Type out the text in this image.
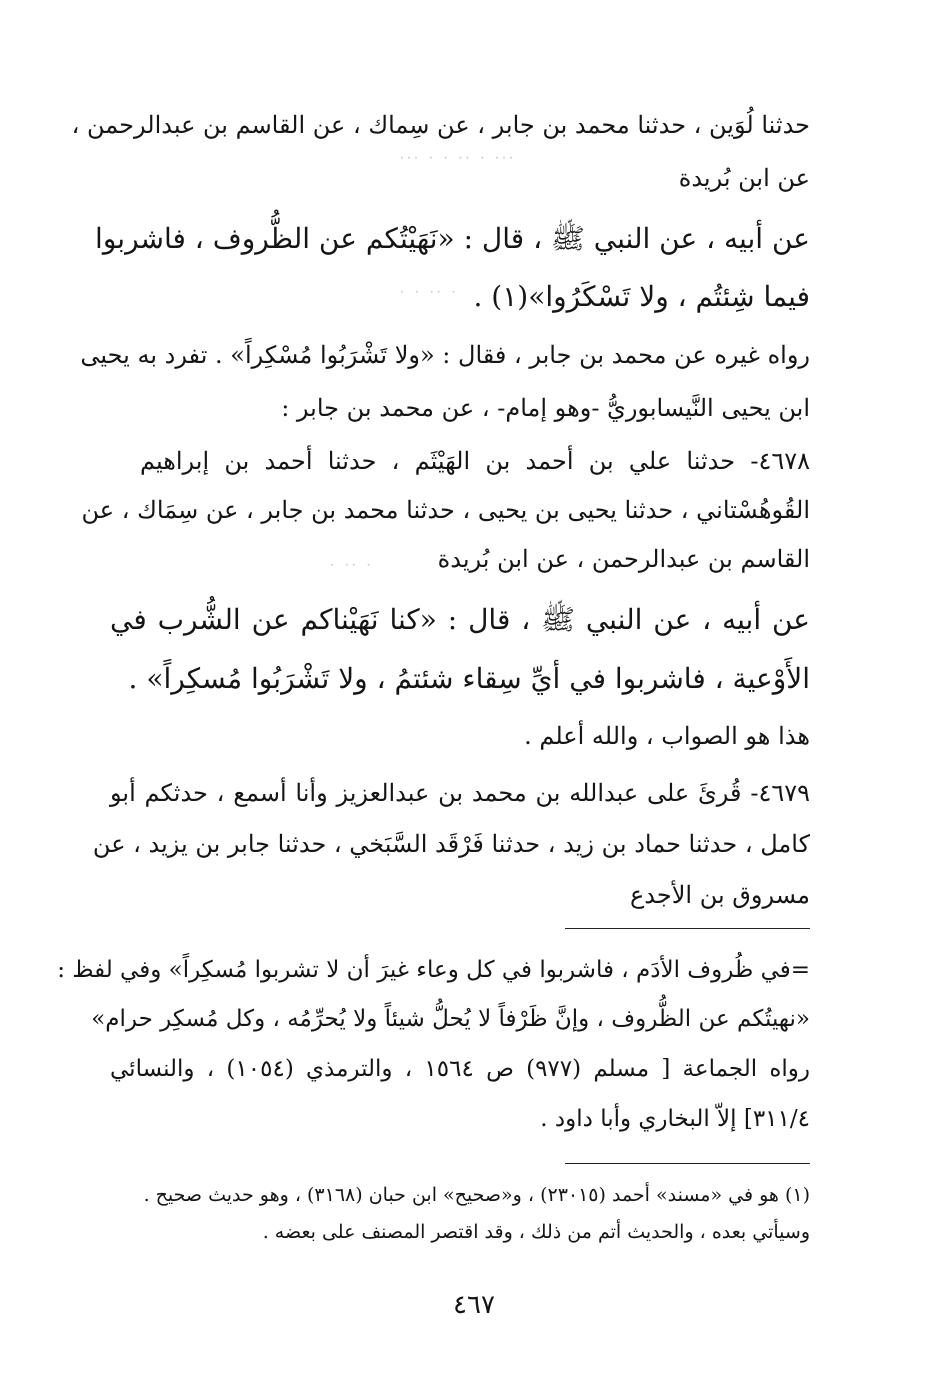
حدثنا لُوَين ، حدثنا محمد بن جابر ، عن سِماك ، عن القاسم بن عبدالرحمن ،
عن ابن بُريدة
⸱⸱⸱ ⸱ ⸱⸱ ⸱ ⸱ ⸱⸱⸱
عن أبيه ، عن النبي ﷺ ، قال : «نَهَيْتُكم عن الظُّروف ، فاشربوا
فيما شِئتُم ، ولا تَسْكَرُوا»(١) .
⸱ ⸱⸱ ⸱ ⸱
رواه غيره عن محمد بن جابر ، فقال : «ولا تَشْرَبُوا مُسْكِراً» . تفرد به يحيى
ابن يحيى النَّيسابوريُّ -وهو إمام- ، عن محمد بن جابر :
٤٦٧٨- حدثنا علي بن أحمد بن الهَيْثَم ، حدثنا أحمد بن إبراهيم
القُوهُسْتاني ، حدثنا يحيى بن يحيى ، حدثنا محمد بن جابر ، عن سِمَاك ، عن
القاسم بن عبدالرحمن ، عن ابن بُريدة
⸱ ⸱⸱ ⸱
عن أبيه ، عن النبي ﷺ ، قال : «كنا نَهَيْناكم عن الشُّرب في
الأَوْعية ، فاشربوا في أيِّ سِقاء شئتمُ ، ولا تَشْرَبُوا مُسكِراً» .
هذا هو الصواب ، والله أعلم .
٤٦٧٩- قُرئَ على عبدالله بن محمد بن عبدالعزيز وأنا أسمع ، حدثكم أبو
كامل ، حدثنا حماد بن زيد ، حدثنا فَرْقَد السَّبَخي ، حدثنا جابر بن يزيد ، عن
مسروق بن الأجدع
=في ظُروف الأدَم ، فاشربوا في كل وعاء غيرَ أن لا تشربوا مُسكِراً» وفي لفظ :
«نهيتُكم عن الظُّروف ، وإنَّ ظَرْفاً لا يُحلُّ شيئاً ولا يُحرِّمُه ، وكل مُسكِر حرام»
رواه الجماعة [ مسلم (٩٧٧) ص ١٥٦٤ ، والترمذي (١٠٥٤) ، والنسائي
٣١١/٤] إلاّ البخاري وأبا داود .
(١) هو في «مسند» أحمد (٢٣٠١٥) ، و«صحيح» ابن حبان (٣١٦٨) ، وهو حديث صحيح .
وسيأتي بعده ، والحديث أتم من ذلك ، وقد اقتصر المصنف على بعضه .
٤٦٧
